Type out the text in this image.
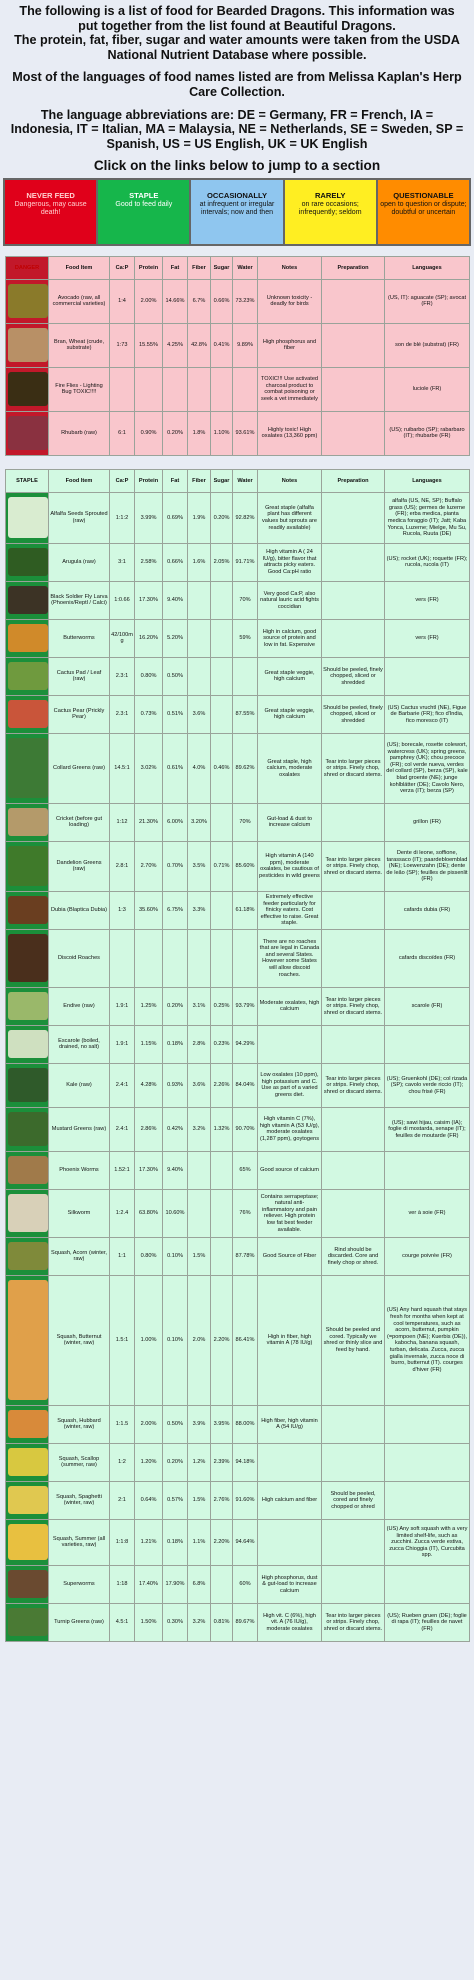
The following is a list of food for Bearded Dragons. This information was put together from the list found at Beautiful Dragons.

The protein, fat, fiber, sugar and water amounts were taken from the USDA National Nutrient Database where possible.

Most of the languages of food names listed are from Melissa Kaplan's Herp Care Collection.

The language abbreviations are: DE = Germany, FR = French, IA = Indonesia, IT = Italian, MA = Malaysia, NE = Netherlands, SE = Sweden, SP = Spanish, US = US English, UK = UK English

Click on the links below to jump to a section

NEVER FEED
Dangerous, may cause death!
STAPLE
Good to feed daily
OCCASIONALLY
at infrequent or irregular intervals; now and then
RARELY
on rare occasions; infrequently; seldom
QUESTIONABLE
open to question or dispute; doubtful or uncertain
DANGER	Food Item	Ca:P	Protein	Fat	Fiber	Sugar	Water	Notes	Preparation	Languages

	Avocado (raw, all commercial varieties)	1:4	2.00%	14.66%	6.7%	0.66%	73.23%	Unknown toxicity - deadly for birds		(US, IT): aguacate (SP); avocat (FR)

	Bran, Wheat (crude, substrate)	1:73	15.55%	4.25%	42.8%	0.41%	9.89%	High phosphorus and fiber		son de blé (substrat) (FR)

	Fire Flies - Lighting Bug TOXIC!!!!							TOXIC!!! Use activated charcoal product to combat poisoning or seek a vet immediately		luciole (FR)

	Rhubarb (raw)	6:1	0.90%	0.20%	1.8%	1.10%	93.61%	Highly toxic! High oxalates (13,360 ppm)		(US); ruibarbo (SP); rabarbaro (IT); rhubarbe (FR)

STAPLE	Food Item	Ca:P	Protein	Fat	Fiber	Sugar	Water	Notes	Preparation	Languages

	Alfalfa Seeds Sprouted (raw)	1:1:2	3.99%	0.69%	1.9%	0.20%	92.82%	Great staple (alfalfa plant has different values but sprouts are readily available)		alfalfa (US, NE, SP); Buffalo grass (US); germes de luzerne (FR); erba medica, pianta medica foraggio (IT); Jatt; Kaba Yonca, Luzerne; Mielge, Mu Su, Rucola, Ruuta (DE)

	Arugula (raw)	3:1	2.58%	0.66%	1.6%	2.05%	91.71%	High vitamin A ( 24 IU/g), bitter flavor that attracts picky eaters. Good Ca:pH ratio		(US); rocket (UK); roquette (FR); rucola, rucola (IT)

	Black Soldier Fly Larva (Phoenix/Reptl / Calci)	1:0.66	17.30%	9.40%			70%	Very good Ca:P, also natural lauric acid fights coccidian		vers (FR)

	Butterworms	42/100mg	16.20%	5.20%			59%	High in calcium, good source of protein and low in fat. Expensive		vers (FR)

	Cactus Pad / Leaf (raw)	2.3:1	0.80%	0.50%				Great staple veggie, high calcium	Should be peeled, finely chopped, sliced or shredded	

	Cactus Pear (Prickly Pear)	2.3:1	0.73%	0.51%	3.6%		87.55%	Great staple veggie, high calcium	Should be peeled, finely chopped, sliced or shredded	(US) Cactus vruchtl (NE), Figue de Barbarie (FR); fico d'India, fico moresco (IT)

	Collard Greens (raw)	14.5:1	3.02%	0.61%	4.0%	0.46%	89.62%	Great staple, high calcium, moderate oxalates	Tear into larger pieces or strips. Finely chop, shred or discard stems.	(US); borecale, rosette colewort, watercress (UK); spring greens, pamphrey (UK); chou precoce (FR); col verde nueva, verdes del collard (SP), berza (SP), kale blad groente (NE); junge kohlblätter (DE); Cavolo Nero, verza (IT); berza (SP)

	Cricket (before gut loading)	1:12	21.30%	6.00%	3.20%		70%	Gut-load & dust to increase calcium		grillon (FR)

	Dandelion Greens (raw)	2.8:1	2.70%	0.70%	3.5%	0.71%	85.60%	High vitamin A (140 ppm), moderate oxalates, be cautious of pesticides in wild greens	Tear into larger pieces or strips. Finely chop, shred or discard stems.	Dente di leone, soffione, tarassaco (IT); paardebloemblad (NE); Loewenzahn (DE); dente de leão (SP); feuilles de pissenlit (FR)

	Dubia (Blaptica Dubia)	1:3	35.60%	6.75%	3.3%		61.18%	Extremely effective feeder particularly for finicky eaters. Cost effective to raise. Great staple.		cafards dubia (FR)

	Discoid Roaches							There are no roaches that are legal in Canada and several States. However some States will allow discoid roaches.		cafards discoïdes (FR)

	Endive (raw)	1.9:1	1.25%	0.20%	3.1%	0.25%	93.79%	Moderate oxalates, high calcium	Tear into larger pieces or strips. Finely chop, shred or discard stems.	scarole (FR)

	Escarole (boiled, drained, no salt)	1.9:1	1.15%	0.18%	2.8%	0.23%	94.29%			

	Kale (raw)	2.4:1	4.28%	0.93%	3.6%	2.26%	84.04%	Low oxalates (10 ppm), high potassium and C. Use as part of a varied greens diet.	Tear into larger pieces or strips. Finely chop, shred or discard stems.	(US); Gruenkohl (DE); col rizada (SP); cavolo verde riccio (IT); chou frisé (FR)

	Mustard Greens (raw)	2.4:1	2.86%	0.42%	3.2%	1.32%	90.70%	High vitamin C (7%), high vitamin A (53 IU/g), moderate oxalates (1,287 ppm), goytogens		(US); sawi hijau, caisim (IA); foglie di mostarda, senape (IT); feuilles de moutarde (FR)

	Phoenix Worms	1.52:1	17.30%	9.40%			65%	Good source of calcium		

	Silkworm	1:2.4	63.80%	10.60%			76%	Contains serrapeptase; natural anti-inflammatory and pain reliever. High protein low fat best feeder available.		ver à soie (FR)

	Squash, Acorn (winter, raw)	1:1	0.80%	0.10%	1.5%		87.78%	Good Source of Fiber	Rind should be discarded. Core and finely chop or shred.	courge poivrée (FR)

	Squash, Butternut (winter, raw)	1.5:1	1.00%	0.10%	2.0%	2.20%	86.41%	High in fiber, high vitamin A (78 IU/g)	Should be peeled and cored. Typically we shred or thinly slice and feed by hand.	(US) Any hard squash that stays fresh for months when kept at cool temperatures, such as acorn, butternut, pumpkin (=pompoen (NE); Kuerbis (DE)), kabocha, banana squash, turban, delicata. Zucca, zucca gialla invernale, zucca noce di burro, butternut (IT). courges d'hiver (FR)

	Squash, Hubbard (winter, raw)	1:1.5	2.00%	0.50%	3.9%	3.95%	88.00%	High fiber, high vitamin A (54 IU/g)		

	Squash, Scallop (summer, raw)	1:2	1.20%	0.20%	1.2%	2.39%	94.18%			

	Squash, Spaghetti (winter, raw)	2:1	0.64%	0.57%	1.5%	2.76%	91.60%	High calcium and fiber	Should be peeled, cored and finely chopped or shred	

	Squash, Summer (all varieties, raw)	1:1:8	1.21%	0.18%	1.1%	2.20%	94.64%			(US) Any soft squash with a very limited shelf-life, such as zucchini. Zucca verde estiva, zucca Chioggia (IT), Curcubita spp.

	Superworms	1:18	17.40%	17.90%	6.8%		60%	High phosphorus, dust & gut-load to increase calcium		

	Turnip Greens (raw)	4.5:1	1.50%	0.30%	3.2%	0.81%	89.67%	High vit. C (6%), high vit. A (76 IU/g), moderate oxalates	Tear into larger pieces or strips. Finely chop, shred or discard stems.	(US); Rueben gruen (DE); foglie di rapa (IT); feuilles de navet (FR)
